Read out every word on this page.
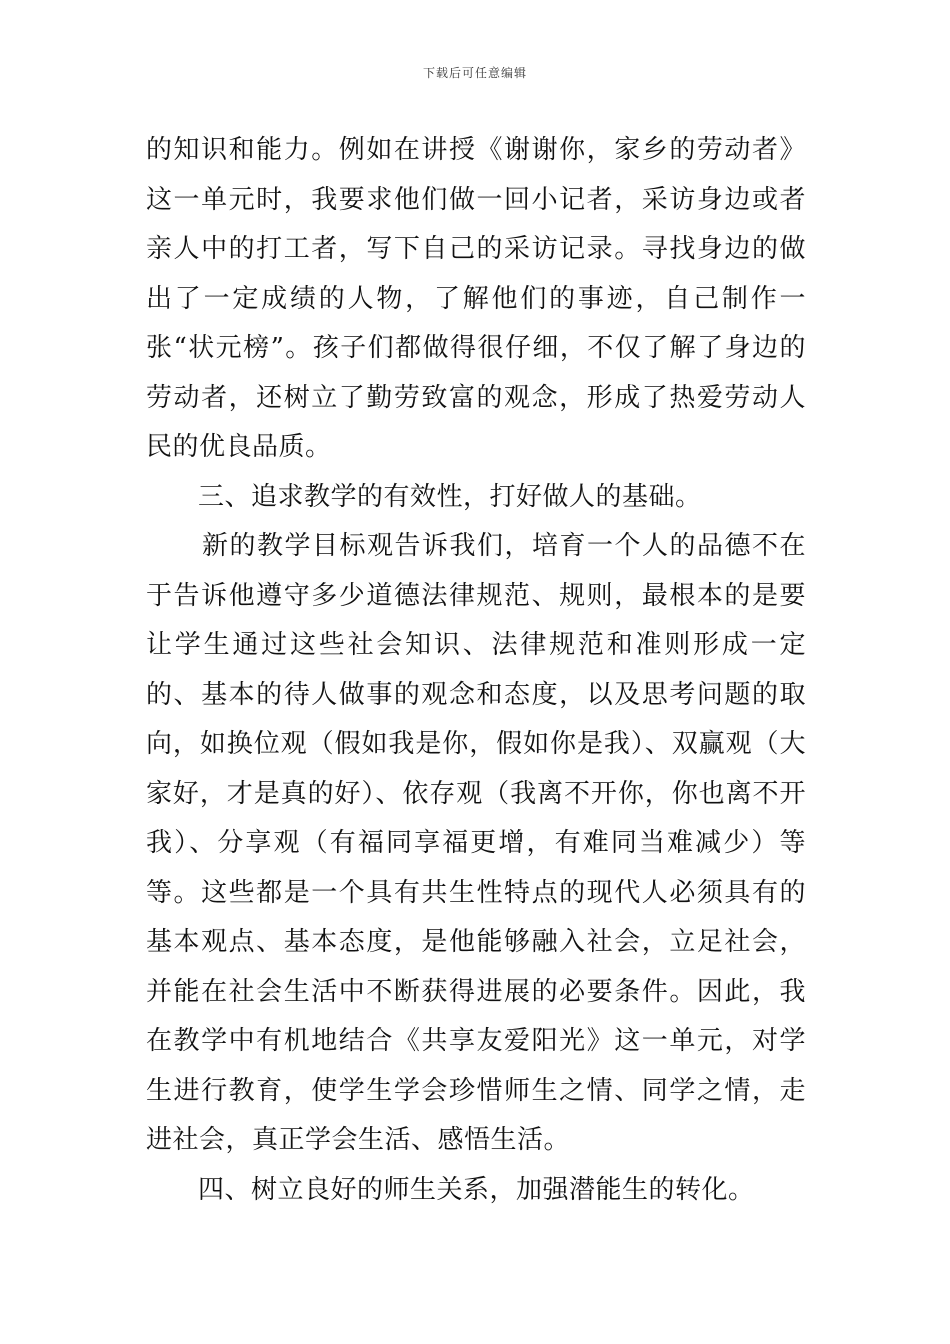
下载后可任意编辑

的知识和能力。例如在讲授《谢谢你，家乡的劳动者》这一单元时，我要求他们做一回小记者，采访身边或者亲人中的打工者，写下自己的采访记录。寻找身边的做出了一定成绩的人物，了解他们的事迹，自己制作一张“状元榜”。孩子们都做得很仔细，不仅了解了身边的劳动者，还树立了勤劳致富的观念，形成了热爱劳动人民的优良品质。

三、追求教学的有效性，打好做人的基础。

新的教学目标观告诉我们，培育一个人的品德不在于告诉他遵守多少道德法律规范、规则，最根本的是要让学生通过这些社会知识、法律规范和准则形成一定的、基本的待人做事的观念和态度，以及思考问题的取向，如换位观（假如我是你，假如你是我）、双赢观（大家好，才是真的好）、依存观（我离不开你，你也离不开我）、分享观（有福同享福更增，有难同当难减少）等等。这些都是一个具有共生性特点的现代人必须具有的基本观点、基本态度，是他能够融入社会，立足社会，并能在社会生活中不断获得进展的必要条件。因此，我在教学中有机地结合《共享友爱阳光》这一单元，对学生进行教育，使学生学会珍惜师生之情、同学之情，走进社会，真正学会生活、感悟生活。

四、树立良好的师生关系，加强潜能生的转化。
